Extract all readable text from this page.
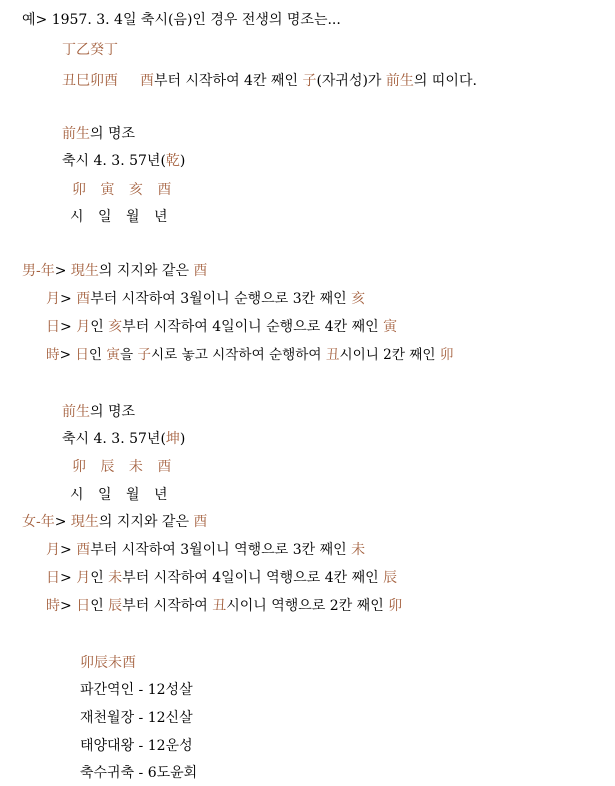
예> 1957. 3. 4일 축시(음)인 경우 전생의 명조는...
丁乙癸丁
丑巳卯酉 酉부터 시작하여 4칸 째인 子(자귀성)가 前生의 띠이다.
前生의 명조
축시 4. 3. 57년(乾)
卯 寅 亥 酉
시 일 월 년
男-年> 現生의 지지와 같은 酉
月> 酉부터 시작하여 3월이니 순행으로 3칸 째인 亥
日> 月인 亥부터 시작하여 4일이니 순행으로 4칸 째인 寅
時> 日인 寅을 子시로 놓고 시작하여 순행하여 丑시이니 2칸 째인 卯
前生의 명조
축시 4. 3. 57년(坤)
卯 辰 未 酉
시 일 월 년
女-年> 現生의 지지와 같은 酉
月> 酉부터 시작하여 3월이니 역행으로 3칸 째인 未
日> 月인 未부터 시작하여 4일이니 역행으로 4칸 째인 辰
時> 日인 辰부터 시작하여 丑시이니 역행으로 2칸 째인 卯
卯辰未酉
파간역인 - 12성살
재천월장 - 12신살
태양대왕 - 12운성
축수귀축 - 6도윤회
